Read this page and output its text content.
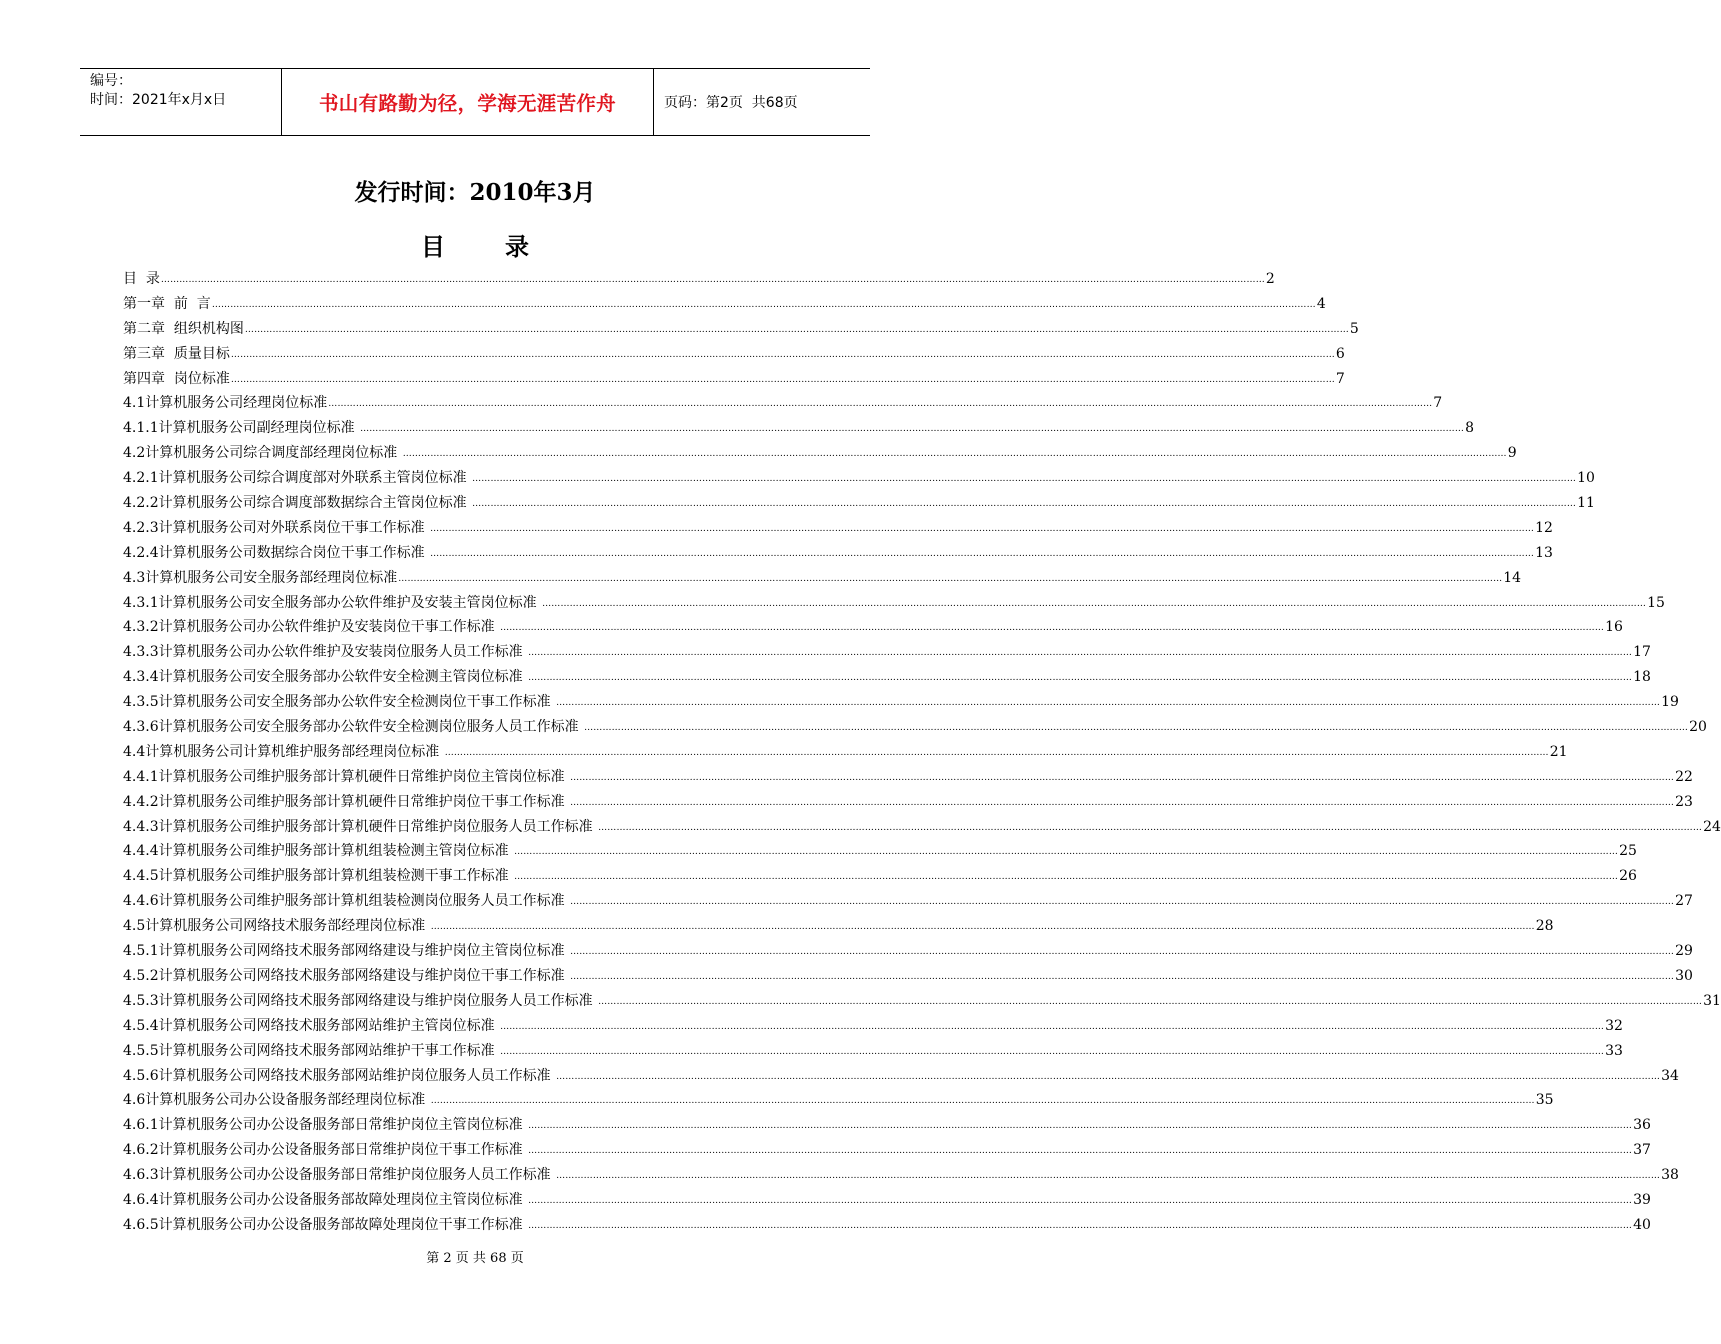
编号：
时间：2021年x月x日	书山有路勤为径，学海无涯苦作舟	页码：第2页  共68页
发行时间：2010年3月
目	录
目  录 ……………………………………………………………………………………………………………………………………………………………………………………………………………………………………………………………………………………………………………………………… 2
第一章  前  言 ……………………………………………………………………………………………………………………………………………………………………………………………………………………………………………………………………………………………………………………………… 4
第二章  组织机构图 ……………………………………………………………………………………………………………………………………………………………………………………………………………………………………………………………………………………………………………………………… 5
第三章  质量目标 ……………………………………………………………………………………………………………………………………………………………………………………………………………………………………………………………………………………………………………………………… 6
第四章  岗位标准 ……………………………………………………………………………………………………………………………………………………………………………………………………………………………………………………………………………………………………………………………… 7
4.1计算机服务公司经理岗位标准 ……………………………………………………………………………………………………………………………………………………………………………………………………………………………………………………………………………………………………………………………… 7
4.1.1计算机服务公司副经理岗位标准 ……………………………………………………………………………………………………………………………………………………………………………………………………………………………………………………………………………………………………………………………… 8
4.2计算机服务公司综合调度部经理岗位标准 ……………………………………………………………………………………………………………………………………………………………………………………………………………………………………………………………………………………………………………………………… 9
4.2.1计算机服务公司综合调度部对外联系主管岗位标准 ……………………………………………………………………………………………………………………………………………………………………………………………………………………………………………………………………………………………………………………………… 10
4.2.2计算机服务公司综合调度部数据综合主管岗位标准 ……………………………………………………………………………………………………………………………………………………………………………………………………………………………………………………………………………………………………………………………… 11
4.2.3计算机服务公司对外联系岗位干事工作标准 ……………………………………………………………………………………………………………………………………………………………………………………………………………………………………………………………………………………………………………………………… 12
4.2.4计算机服务公司数据综合岗位干事工作标准 ……………………………………………………………………………………………………………………………………………………………………………………………………………………………………………………………………………………………………………………………… 13
4.3计算机服务公司安全服务部经理岗位标准 ……………………………………………………………………………………………………………………………………………………………………………………………………………………………………………………………………………………………………………………………… 14
4.3.1计算机服务公司安全服务部办公软件维护及安装主管岗位标准 ……………………………………………………………………………………………………………………………………………………………………………………………………………………………………………………………………………………………………………………………… 15
4.3.2计算机服务公司办公软件维护及安装岗位干事工作标准 ……………………………………………………………………………………………………………………………………………………………………………………………………………………………………………………………………………………………………………………………… 16
4.3.3计算机服务公司办公软件维护及安装岗位服务人员工作标准 ……………………………………………………………………………………………………………………………………………………………………………………………………………………………………………………………………………………………………………………………… 17
4.3.4计算机服务公司安全服务部办公软件安全检测主管岗位标准 ……………………………………………………………………………………………………………………………………………………………………………………………………………………………………………………………………………………………………………………………… 18
4.3.5计算机服务公司安全服务部办公软件安全检测岗位干事工作标准 ……………………………………………………………………………………………………………………………………………………………………………………………………………………………………………………………………………………………………………………………… 19
4.3.6计算机服务公司安全服务部办公软件安全检测岗位服务人员工作标准 ……………………………………………………………………………………………………………………………………………………………………………………………………………………………………………………………………………………………………………………………… 20
4.4计算机服务公司计算机维护服务部经理岗位标准 ……………………………………………………………………………………………………………………………………………………………………………………………………………………………………………………………………………………………………………………………… 21
4.4.1计算机服务公司维护服务部计算机硬件日常维护岗位主管岗位标准 ……………………………………………………………………………………………………………………………………………………………………………………………………………………………………………………………………………………………………………………………… 22
4.4.2计算机服务公司维护服务部计算机硬件日常维护岗位干事工作标准 ……………………………………………………………………………………………………………………………………………………………………………………………………………………………………………………………………………………………………………………………… 23
4.4.3计算机服务公司维护服务部计算机硬件日常维护岗位服务人员工作标准 ……………………………………………………………………………………………………………………………………………………………………………………………………………………………………………………………………………………………………………………………… 24
4.4.4计算机服务公司维护服务部计算机组装检测主管岗位标准 ……………………………………………………………………………………………………………………………………………………………………………………………………………………………………………………………………………………………………………………………… 25
4.4.5计算机服务公司维护服务部计算机组装检测干事工作标准 ……………………………………………………………………………………………………………………………………………………………………………………………………………………………………………………………………………………………………………………………… 26
4.4.6计算机服务公司维护服务部计算机组装检测岗位服务人员工作标准 ……………………………………………………………………………………………………………………………………………………………………………………………………………………………………………………………………………………………………………………………… 27
4.5计算机服务公司网络技术服务部经理岗位标准 ……………………………………………………………………………………………………………………………………………………………………………………………………………………………………………………………………………………………………………………………… 28
4.5.1计算机服务公司网络技术服务部网络建设与维护岗位主管岗位标准 ……………………………………………………………………………………………………………………………………………………………………………………………………………………………………………………………………………………………………………………………… 29
4.5.2计算机服务公司网络技术服务部网络建设与维护岗位干事工作标准 ……………………………………………………………………………………………………………………………………………………………………………………………………………………………………………………………………………………………………………………………… 30
4.5.3计算机服务公司网络技术服务部网络建设与维护岗位服务人员工作标准 ……………………………………………………………………………………………………………………………………………………………………………………………………………………………………………………………………………………………………………………………… 31
4.5.4计算机服务公司网络技术服务部网站维护主管岗位标准 ……………………………………………………………………………………………………………………………………………………………………………………………………………………………………………………………………………………………………………………………… 32
4.5.5计算机服务公司网络技术服务部网站维护干事工作标准 ……………………………………………………………………………………………………………………………………………………………………………………………………………………………………………………………………………………………………………………………… 33
4.5.6计算机服务公司网络技术服务部网站维护岗位服务人员工作标准 ……………………………………………………………………………………………………………………………………………………………………………………………………………………………………………………………………………………………………………………………… 34
4.6计算机服务公司办公设备服务部经理岗位标准 ……………………………………………………………………………………………………………………………………………………………………………………………………………………………………………………………………………………………………………………………… 35
4.6.1计算机服务公司办公设备服务部日常维护岗位主管岗位标准 ……………………………………………………………………………………………………………………………………………………………………………………………………………………………………………………………………………………………………………………………… 36
4.6.2计算机服务公司办公设备服务部日常维护岗位干事工作标准 ……………………………………………………………………………………………………………………………………………………………………………………………………………………………………………………………………………………………………………………………… 37
4.6.3计算机服务公司办公设备服务部日常维护岗位服务人员工作标准 ……………………………………………………………………………………………………………………………………………………………………………………………………………………………………………………………………………………………………………………………… 38
4.6.4计算机服务公司办公设备服务部故障处理岗位主管岗位标准 ……………………………………………………………………………………………………………………………………………………………………………………………………………………………………………………………………………………………………………………………… 39
4.6.5计算机服务公司办公设备服务部故障处理岗位干事工作标准 ……………………………………………………………………………………………………………………………………………………………………………………………………………………………………………………………………………………………………………………………… 40
第 2 页 共 68 页
